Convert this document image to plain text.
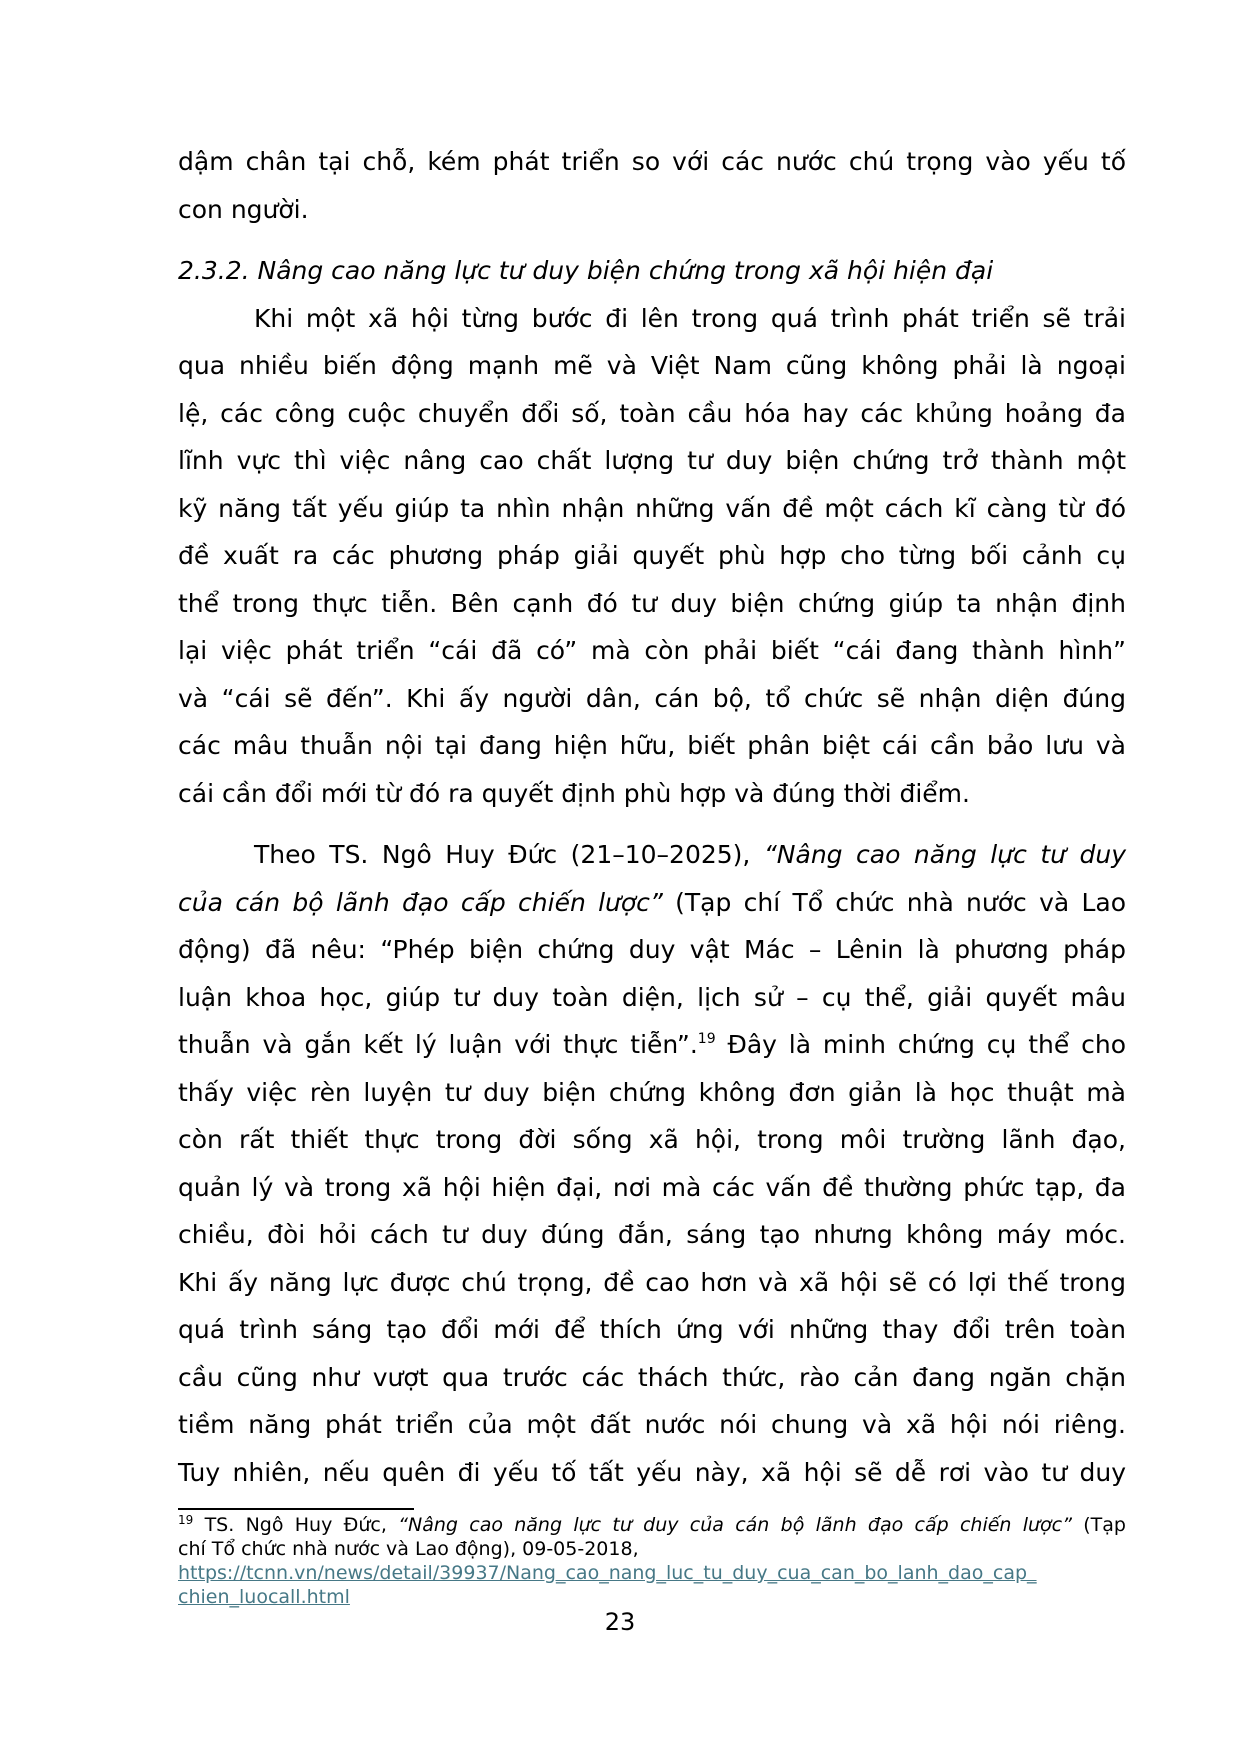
dậm chân tại chỗ, kém phát triển so với các nước chú trọng vào yếu tố
con người.
2.3.2. Nâng cao năng lực tư duy biện chứng trong xã hội hiện đại
Khi một xã hội từng bước đi lên trong quá trình phát triển sẽ trải
qua nhiều biến động mạnh mẽ và Việt Nam cũng không phải là ngoại
lệ, các công cuộc chuyển đổi số, toàn cầu hóa hay các khủng hoảng đa
lĩnh vực thì việc nâng cao chất lượng tư duy biện chứng trở thành một
kỹ năng tất yếu giúp ta nhìn nhận những vấn đề một cách kĩ càng từ đó
đề xuất ra các phương pháp giải quyết phù hợp cho từng bối cảnh cụ
thể trong thực tiễn. Bên cạnh đó tư duy biện chứng giúp ta nhận định
lại việc phát triển “cái đã có” mà còn phải biết “cái đang thành hình”
và “cái sẽ đến”. Khi ấy người dân, cán bộ, tổ chức sẽ nhận diện đúng
các mâu thuẫn nội tại đang hiện hữu, biết phân biệt cái cần bảo lưu và
cái cần đổi mới từ đó ra quyết định phù hợp và đúng thời điểm.
Theo TS. Ngô Huy Đức (21–10–2025), “Nâng cao năng lực tư duy
của cán bộ lãnh đạo cấp chiến lược” (Tạp chí Tổ chức nhà nước và Lao
động) đã nêu: “Phép biện chứng duy vật Mác – Lênin là phương pháp
luận khoa học, giúp tư duy toàn diện, lịch sử – cụ thể, giải quyết mâu
thuẫn và gắn kết lý luận với thực tiễn”.$^{19}$ Đây là minh chứng cụ thể cho
thấy việc rèn luyện tư duy biện chứng không đơn giản là học thuật mà
còn rất thiết thực trong đời sống xã hội, trong môi trường lãnh đạo,
quản lý và trong xã hội hiện đại, nơi mà các vấn đề thường phức tạp, đa
chiều, đòi hỏi cách tư duy đúng đắn, sáng tạo nhưng không máy móc.
Khi ấy năng lực được chú trọng, đề cao hơn và xã hội sẽ có lợi thế trong
quá trình sáng tạo đổi mới để thích ứng với những thay đổi trên toàn
cầu cũng như vượt qua trước các thách thức, rào cản đang ngăn chặn
tiềm năng phát triển của một đất nước nói chung và xã hội nói riêng.
Tuy nhiên, nếu quên đi yếu tố tất yếu này, xã hội sẽ dễ rơi vào tư duy
$^{19}$ TS. Ngô Huy Đức, “Nâng cao năng lực tư duy của cán bộ lãnh đạo cấp chiến lược” (Tạp
chí Tổ chức nhà nước và Lao động), 09-05-2018,
https://tcnn.vn/news/detail/39937/Nang_cao_nang_luc_tu_duy_cua_can_bo_lanh_dao_cap_
chien_luocall.html
23
